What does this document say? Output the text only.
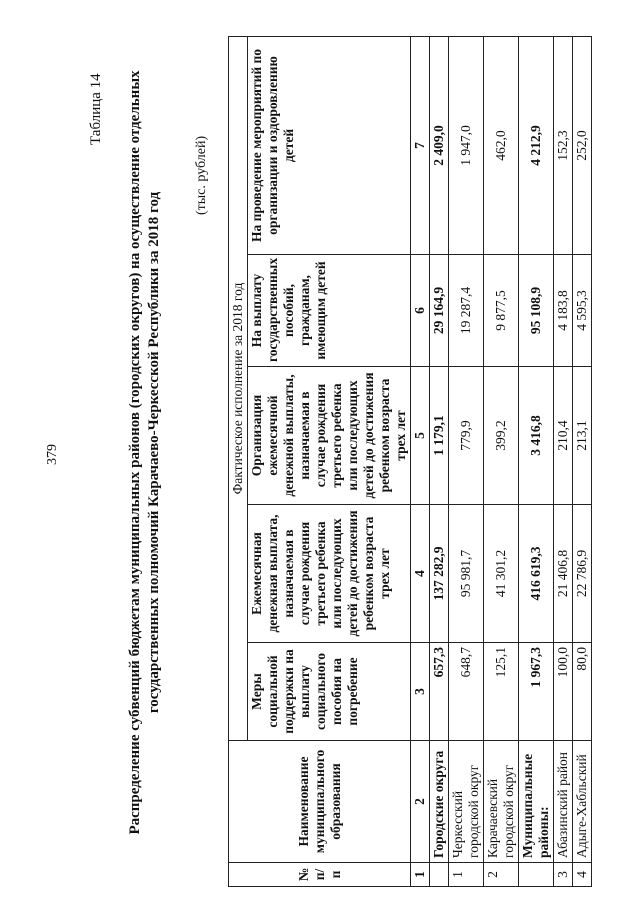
379
Таблица 14 Распределение субвенций бюджетам муниципальных районов (городских округов) на осуществление отдельных государственных полномочий Карачаево-Черкесской Республики за 2018 год
(тыс. рублей)
№ п/п	Наименование муниципального образования	Фактическое исполнение за 2018 год				
		Меры социальной поддержки на выплату социального пособия на погребение	Ежемесячная денежная выплата, назначаемая в случае рождения третьего ребенка или последующих детей до достижения ребенком возраста трех лет	Организация ежемесячной денежной выплаты, назначаемая в случае рождения третьего ребенка или последующих детей до достижения ребенком возраста трех лет	На выплату государственных пособий, гражданам, имеющим детей	На проведение мероприятий по организации и оздоровлению детей
1	2	3	4	5	6	7
	Городские округа	657,3	137 282,9	1 179,1	29 164,9	2 409,0
1	Черкесский городской округ	648,7	95 981,7	779,9	19 287,4	1 947,0
2	Карачаевский городской округ	125,1	41 301,2	399,2	9 877,5	462,0
	Муниципальные районы:	1 967,3	416 619,3	3 416,8	95 108,9	4 212,9
3	Абазинский район	100,0	21 406,8	210,4	4 183,8	152,3
4	Адыге-Хабльский	80,0	22 786,9	213,1	4 595,3	252,0
